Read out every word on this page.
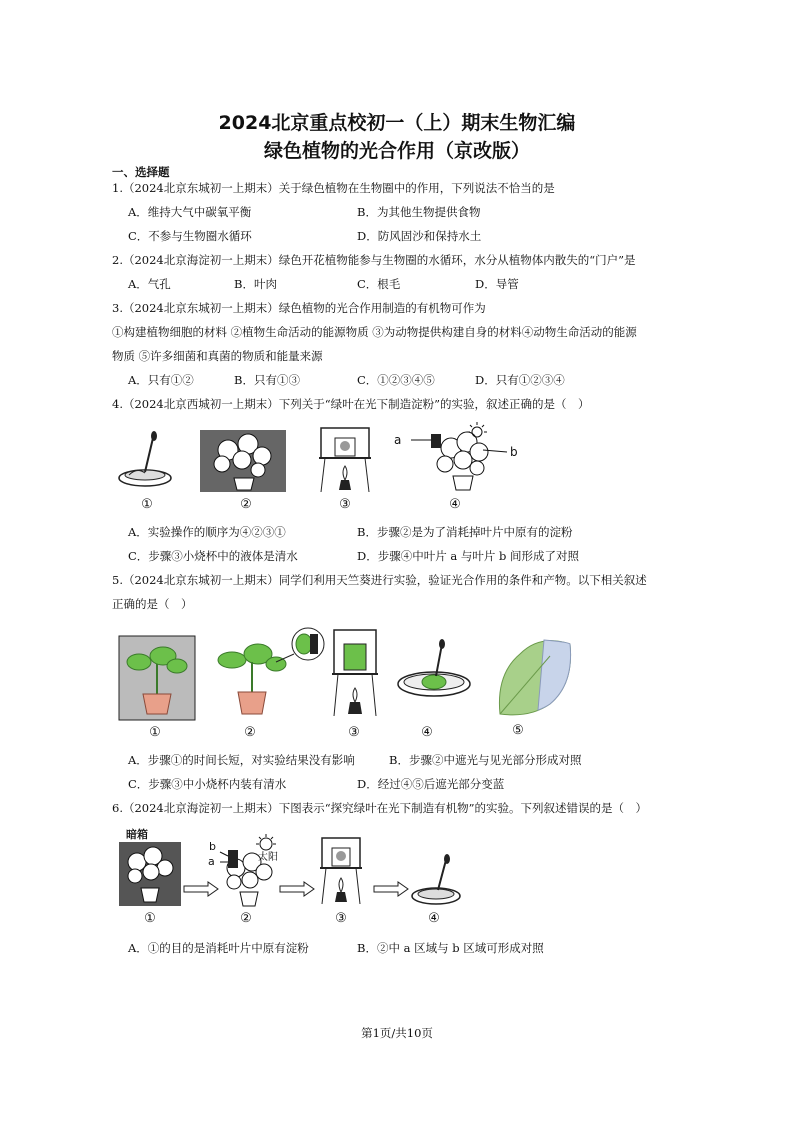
2024北京重点校初一（上）期末生物汇编
绿色植物的光合作用（京改版）
一、选择题
1.（2024北京东城初一上期末）关于绿色植物在生物圈中的作用，下列说法不恰当的是
A．维持大气中碳氧平衡	B．为其他生物提供食物
C．不参与生物圈水循环	D．防风固沙和保持水土
2.（2024北京海淀初一上期末）绿色开花植物能参与生物圈的水循环，水分从植物体内散失的“门户”是
A．气孔	B．叶肉	C．根毛	D．导管
3.（2024北京东城初一上期末）绿色植物的光合作用制造的有机物可作为
①构建植物细胞的材料 ②植物生命活动的能源物质 ③为动物提供构建自身的材料④动物生命活动的能源
物质 ⑤许多细菌和真菌的物质和能量来源
A．只有①②	B．只有①③	C．①②③④⑤	D．只有①②③④
4.（2024北京西城初一上期末）下列关于“绿叶在光下制造淀粉”的实验，叙述正确的是（　）
①	②	③
a
b
④
A．实验操作的顺序为④②③①	B．步骤②是为了消耗掉叶片中原有的淀粉
C．步骤③小烧杯中的液体是清水	D．步骤④中叶片 a 与叶片 b 间形成了对照
5.（2024北京东城初一上期末）同学们利用天竺葵进行实验，验证光合作用的条件和产物。以下相关叙述
正确的是（　）
①	②	③	④	⑤
A．步骤①的时间长短，对实验结果没有影响	B．步骤②中遮光与见光部分形成对照
C．步骤③中小烧杯内装有清水	D．经过④⑤后遮光部分变蓝
6.（2024北京海淀初一上期末）下图表示“探究绿叶在光下制造有机物”的实验。下列叙述错误的是（　）
暗箱
①
b
a	太阳
②	③	④
A．①的目的是消耗叶片中原有淀粉	B．②中 a 区域与 b 区域可形成对照
第1页/共10页
